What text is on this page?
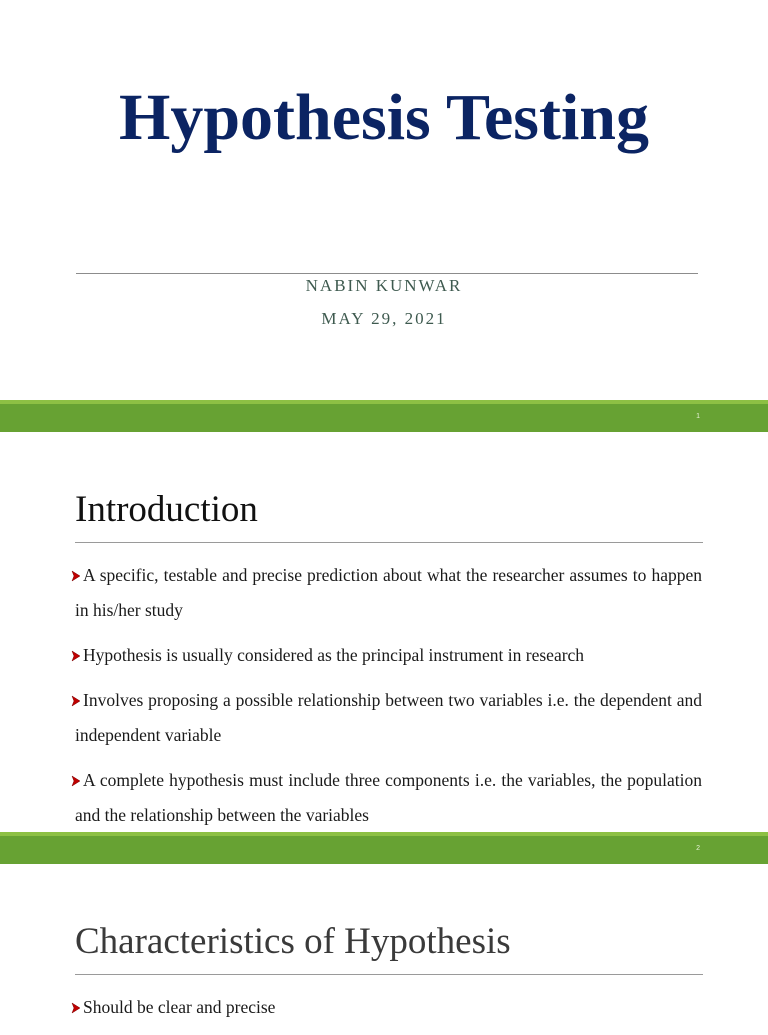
Hypothesis Testing
NABIN KUNWAR
MAY 29, 2021
1
Introduction
A specific, testable and precise prediction about what the researcher assumes to happen in his/her study
Hypothesis is usually considered as the principal instrument in research
Involves proposing a possible relationship between two variables i.e. the dependent and independent variable
A complete hypothesis must include three components i.e. the variables, the population and the relationship between the variables
2
Characteristics of Hypothesis
Should be clear and precise
